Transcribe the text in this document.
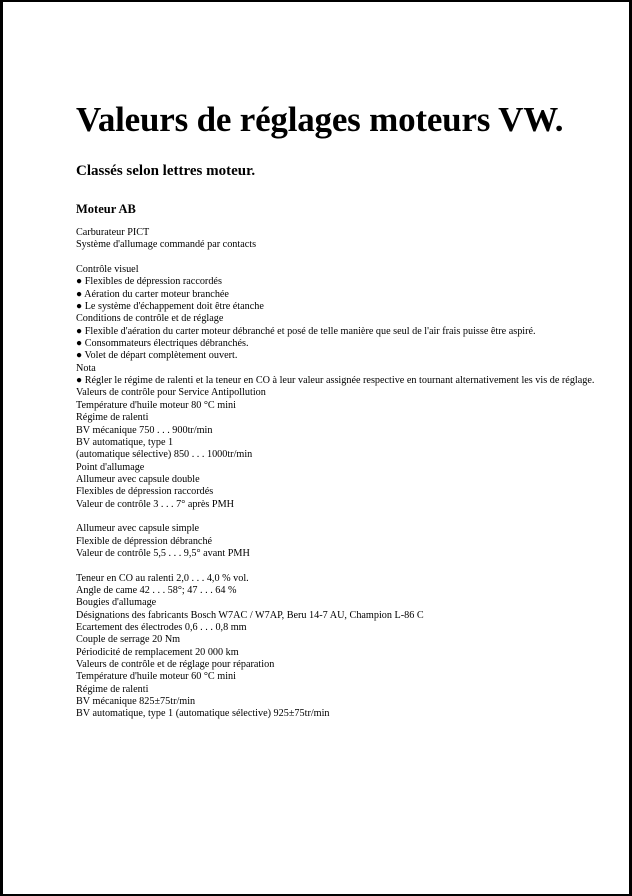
Valeurs de réglages moteurs VW.
Classés selon lettres moteur.
Moteur AB
Carburateur PICT
Système d'allumage commandé par contacts
Contrôle visuel
● Flexibles de dépression raccordés
● Aération du carter moteur branchée
● Le système d'échappement doit être étanche
Conditions de contrôle et de réglage
● Flexible d'aération du carter moteur débranché et posé de telle manière que seul de l'air frais puisse être aspiré.
● Consommateurs électriques débranchés.
● Volet de départ complètement ouvert.
Nota
● Régler le régime de ralenti et la teneur en CO à leur valeur assignée respective en tournant alternativement les vis de réglage.
Valeurs de contrôle pour Service Antipollution
Température d'huile moteur 80 °C mini
Régime de ralenti
BV mécanique 750 . . . 900tr/min
BV automatique, type 1
(automatique sélective) 850 . . . 1000tr/min
Point d'allumage
Allumeur avec capsule double
Flexibles de dépression raccordés
Valeur de contrôle 3 . . . 7° après PMH
Allumeur avec capsule simple
Flexible de dépression débranché
Valeur de contrôle 5,5 . . . 9,5° avant PMH
Teneur en CO au ralenti 2,0 . . . 4,0 % vol.
Angle de came 42 . . . 58°; 47 . . . 64 %
Bougies d'allumage
Désignations des fabricants Bosch W7AC / W7AP, Beru 14-7 AU, Champion L-86 C
Ecartement des électrodes 0,6 . . . 0,8 mm
Couple de serrage 20 Nm
Périodicité de remplacement 20 000 km
Valeurs de contrôle et de réglage pour réparation
Température d'huile moteur 60 °C mini
Régime de ralenti
BV mécanique 825±75tr/min
BV automatique, type 1 (automatique sélective) 925±75tr/min
